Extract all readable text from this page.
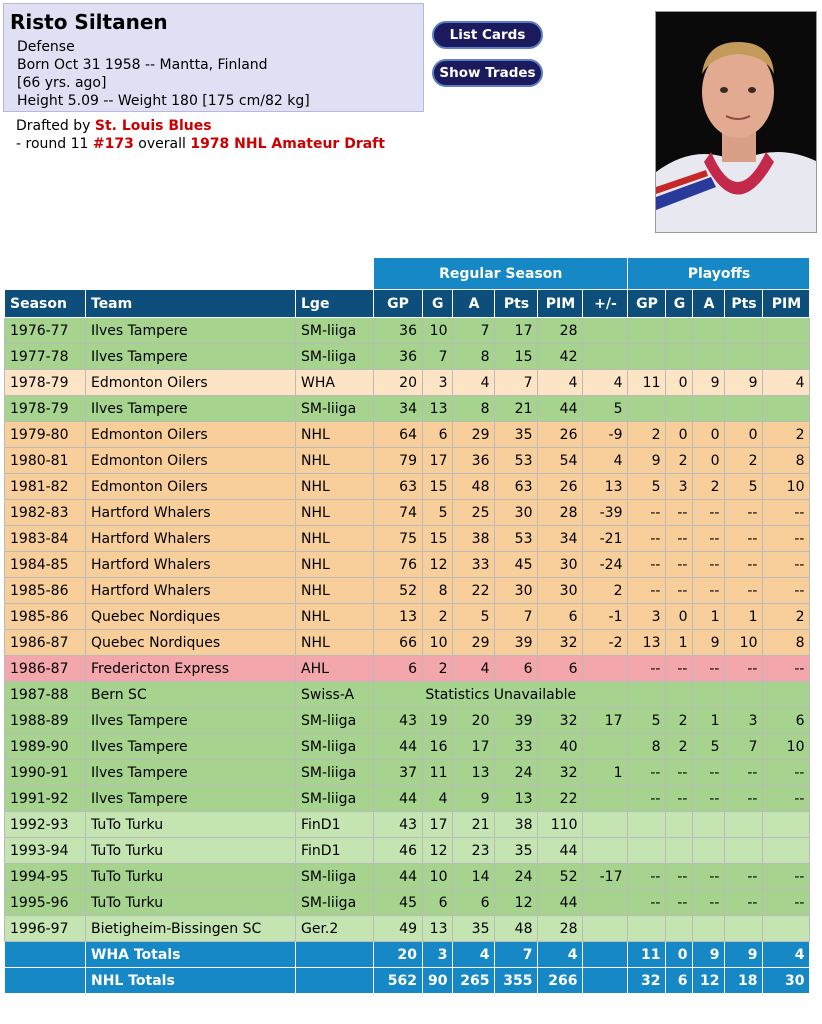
Risto Siltanen
Defense
Born Oct 31 1958 -- Mantta, Finland
[66 yrs. ago]
Height 5.09 -- Weight 180 [175 cm/82 kg]
Drafted by St. Louis Blues
- round 11 #173 overall 1978 NHL Amateur Draft
List Cards
Show Trades
			Regular Season						Playoffs				
Season	Team	Lge	GP	G	A	Pts	PIM	+/-	GP	G	A	Pts	PIM
1976-77	Ilves Tampere	SM-liiga	36	10	7	17	28						
1977-78	Ilves Tampere	SM-liiga	36	7	8	15	42						
1978-79	Edmonton Oilers	WHA	20	3	4	7	4	4	11	0	9	9	4
1978-79	Ilves Tampere	SM-liiga	34	13	8	21	44	5					
1979-80	Edmonton Oilers	NHL	64	6	29	35	26	-9	2	0	0	0	2
1980-81	Edmonton Oilers	NHL	79	17	36	53	54	4	9	2	0	2	8
1981-82	Edmonton Oilers	NHL	63	15	48	63	26	13	5	3	2	5	10
1982-83	Hartford Whalers	NHL	74	5	25	30	28	-39	--	--	--	--	--
1983-84	Hartford Whalers	NHL	75	15	38	53	34	-21	--	--	--	--	--
1984-85	Hartford Whalers	NHL	76	12	33	45	30	-24	--	--	--	--	--
1985-86	Hartford Whalers	NHL	52	8	22	30	30	2	--	--	--	--	--
1985-86	Quebec Nordiques	NHL	13	2	5	7	6	-1	3	0	1	1	2
1986-87	Quebec Nordiques	NHL	66	10	29	39	32	-2	13	1	9	10	8
1986-87	Fredericton Express	AHL	6	2	4	6	6		--	--	--	--	--
1987-88	Bern SC	Swiss-A	Statistics Unavailable										
1988-89	Ilves Tampere	SM-liiga	43	19	20	39	32	17	5	2	1	3	6
1989-90	Ilves Tampere	SM-liiga	44	16	17	33	40		8	2	5	7	10
1990-91	Ilves Tampere	SM-liiga	37	11	13	24	32	1	--	--	--	--	--
1991-92	Ilves Tampere	SM-liiga	44	4	9	13	22		--	--	--	--	--
1992-93	TuTo Turku	FinD1	43	17	21	38	110						
1993-94	TuTo Turku	FinD1	46	12	23	35	44						
1994-95	TuTo Turku	SM-liiga	44	10	14	24	52	-17	--	--	--	--	--
1995-96	TuTo Turku	SM-liiga	45	6	6	12	44		--	--	--	--	--
1996-97	Bietigheim-Bissingen SC	Ger.2	49	13	35	48	28						
	WHA Totals		20	3	4	7	4		11	0	9	9	4
	NHL Totals		562	90	265	355	266		32	6	12	18	30
